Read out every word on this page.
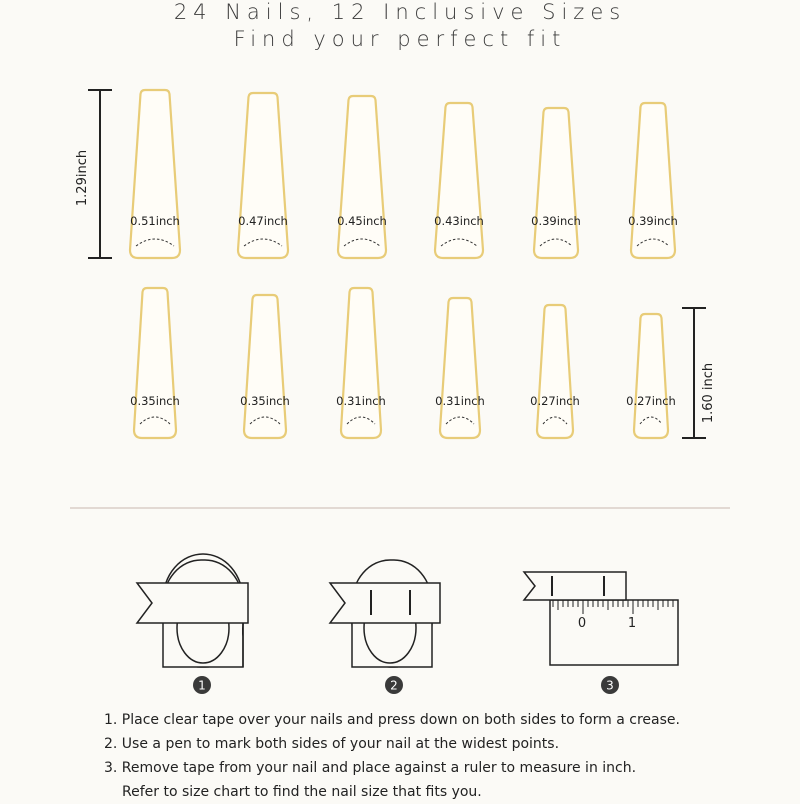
24 Nails, 12 Inclusive Sizes
Find your perfect fit
1.29inch
1.60 inch
0.51inch	0.47inch	0.45inch	0.43inch	0.39inch	0.39inch
0.35inch	0.35inch	0.31inch	0.31inch	0.27inch	0.27inch
0	1
1	2	3
1. Place clear tape over your nails and press down on both sides to form a crease.
2. Use a pen to mark both sides of your nail at the widest points.
3. Remove tape from your nail and place against a ruler to measure in inch.
Refer to size chart to find the nail size that fits you.
